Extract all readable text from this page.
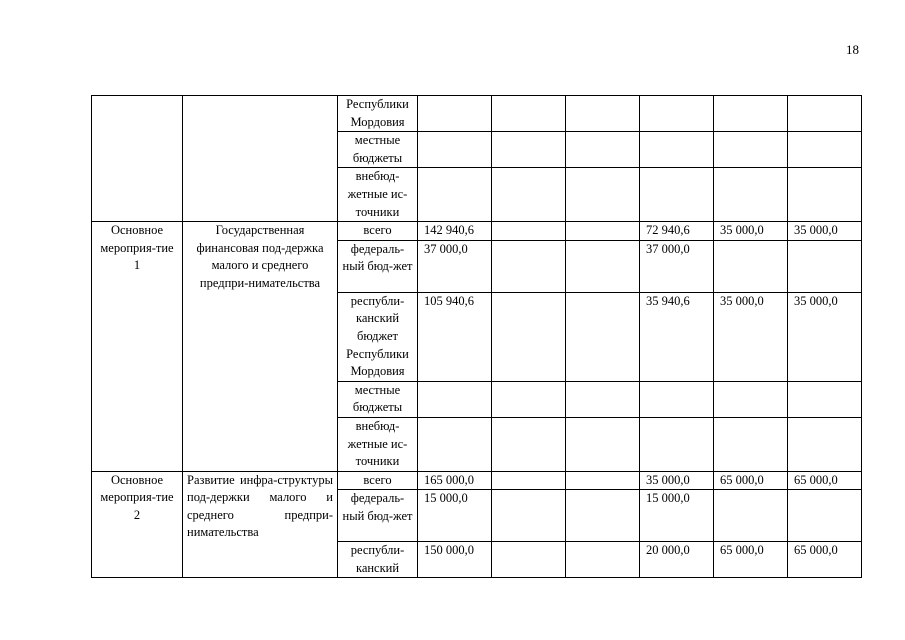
18
		Республики Мордовия						
		местные бюджеты						
		внебюд-жетные ис-точники						
Основное мероприя-тие 1	Государственная финансовая под-держка малого и среднего предпри-нимательства	всего	142 940,6			72 940,6	35 000,0	35 000,0
		федераль-ный бюд-жет	37 000,0			37 000,0		
		республи-канский бюджет Республики Мордовия	105 940,6			35 940,6	35 000,0	35 000,0
		местные бюджеты						
		внебюд-жетные ис-точники						
Основное мероприя-тие 2	Развитие инфра-структуры под-держки малого и среднего предпри-нимательства	всего	165 000,0			35 000,0	65 000,0	65 000,0
		федераль-ный бюд-жет	15 000,0			15 000,0		
		республи-канский	150 000,0			20 000,0	65 000,0	65 000,0
